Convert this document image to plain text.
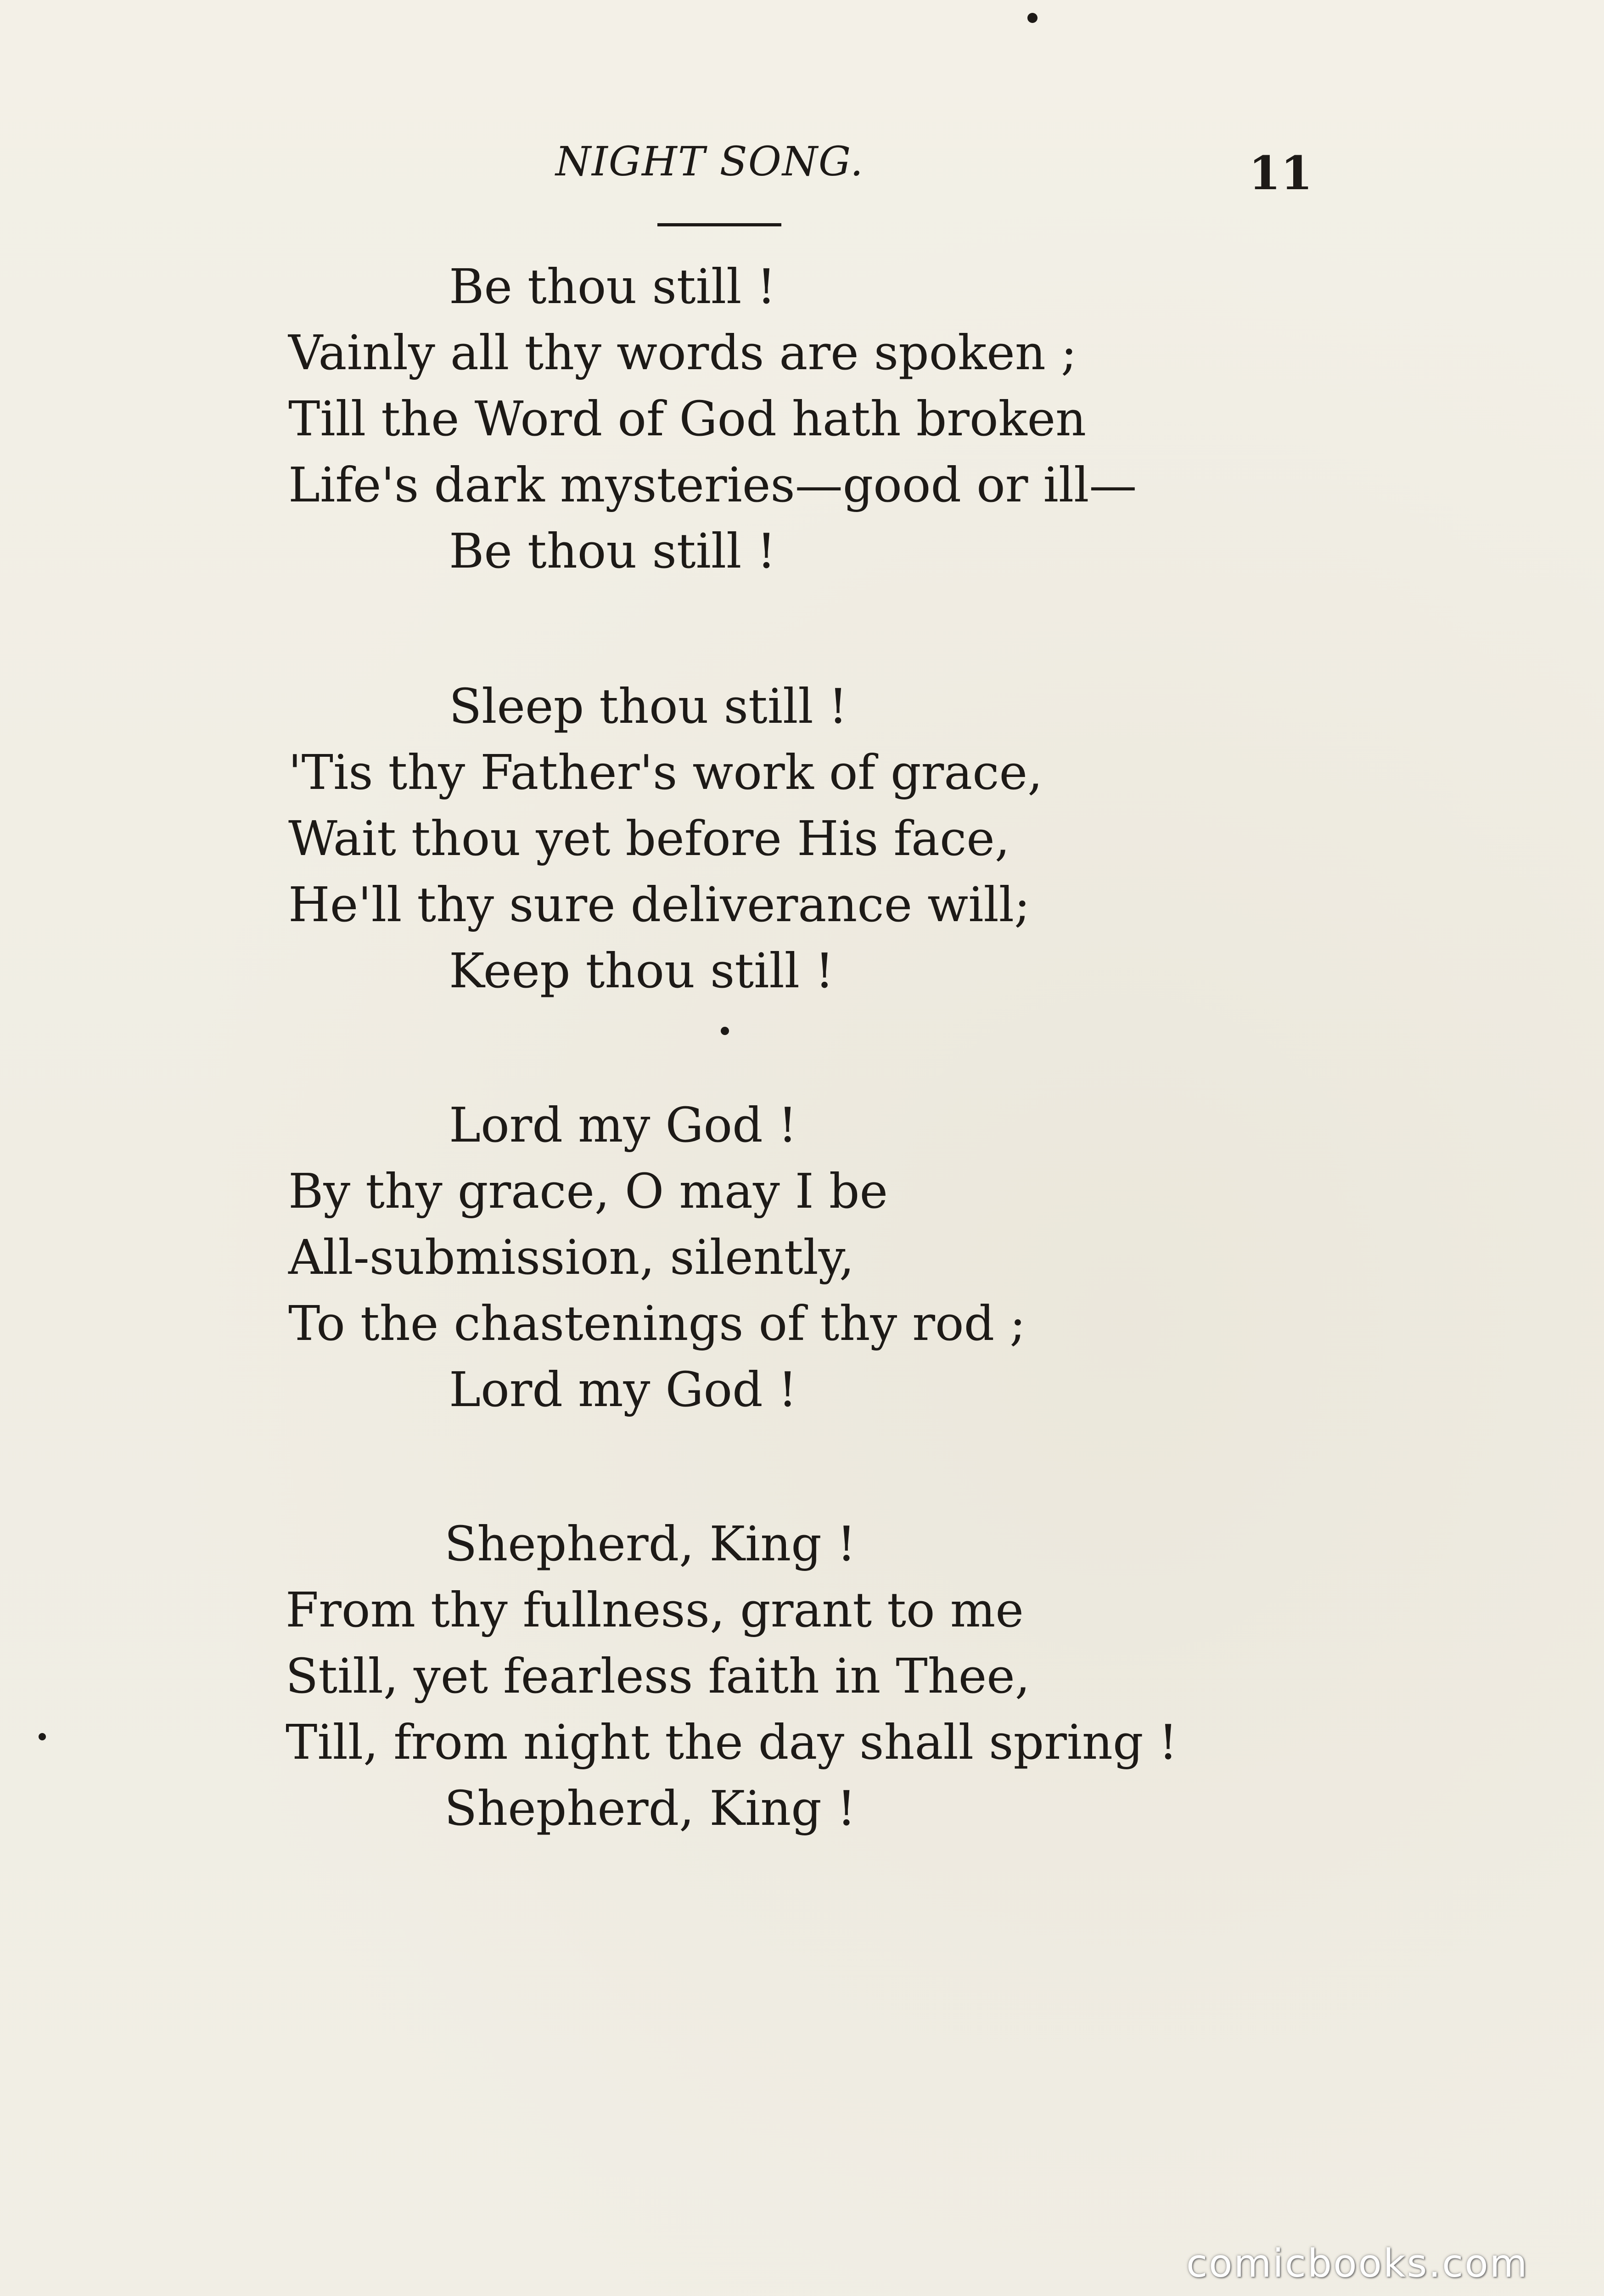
NIGHT SONG.	11
Be thou still !
Vainly all thy words are spoken ;
Till the Word of God hath broken
Life's dark mysteries—good or ill—
Be thou still !
Sleep thou still !
'Tis thy Father's work of grace,
Wait thou yet before His face,
He'll thy sure deliverance will;
Keep thou still !
Lord my God !
By thy grace, O may I be
All-submission, silently,
To the chastenings of thy rod ;
Lord my God !
Shepherd, King !
From thy fullness, grant to me
Still, yet fearless faith in Thee,
Till, from night the day shall spring !
Shepherd, King !
comicbooks.com
